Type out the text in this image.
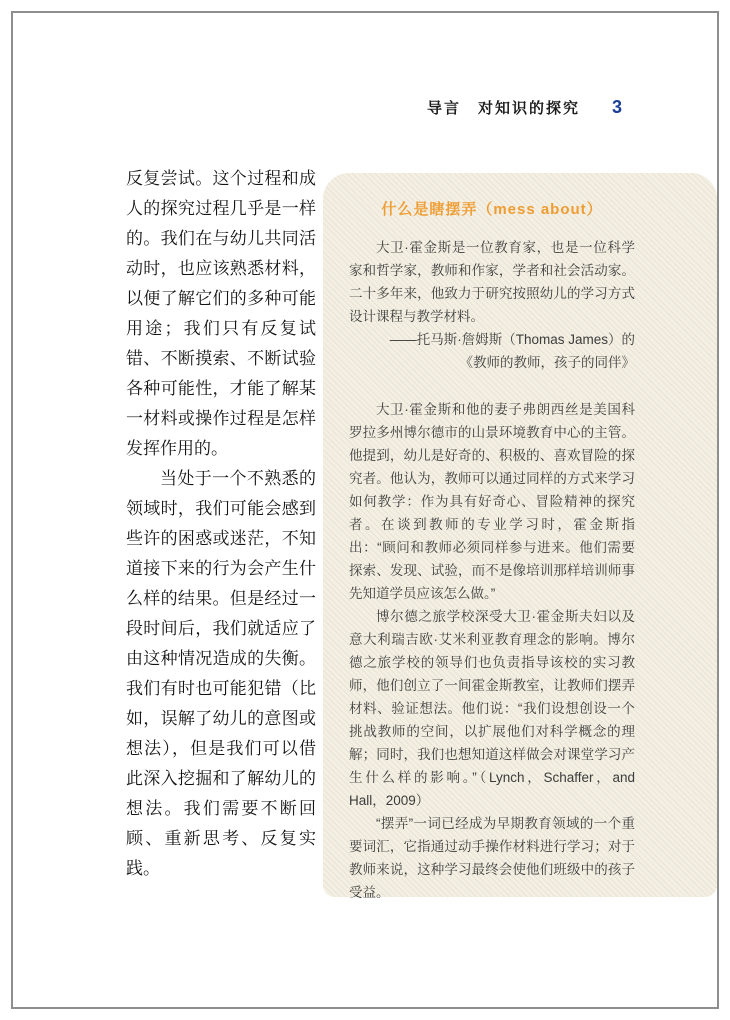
导言　对知识的探究 3

反复尝试。这个过程和成人的探究过程几乎是一样的。我们在与幼儿共同活动时，也应该熟悉材料，以便了解它们的多种可能用途；我们只有反复试错、不断摸索、不断试验各种可能性，才能了解某一材料或操作过程是怎样发挥作用的。

当处于一个不熟悉的领域时，我们可能会感到些许的困惑或迷茫，不知道接下来的行为会产生什么样的结果。但是经过一段时间后，我们就适应了由这种情况造成的失衡。我们有时也可能犯错（比如，误解了幼儿的意图或想法），但是我们可以借此深入挖掘和了解幼儿的想法。我们需要不断回顾、重新思考、反复实践。

什么是瞎摆弄（mess about）

大卫·霍金斯是一位教育家，也是一位科学家和哲学家，教师和作家，学者和社会活动家。二十多年来，他致力于研究按照幼儿的学习方式设计课程与教学材料。

——托马斯·詹姆斯（Thomas James）的

《教师的教师，孩子的同伴》

大卫·霍金斯和他的妻子弗朗西丝是美国科罗拉多州博尔德市的山景环境教育中心的主管。他提到，幼儿是好奇的、积极的、喜欢冒险的探究者。他认为，教师可以通过同样的方式来学习如何教学：作为具有好奇心、冒险精神的探究者。在谈到教师的专业学习时，霍金斯指出：“顾问和教师必须同样参与进来。他们需要探索、发现、试验，而不是像培训那样培训师事先知道学员应该怎么做。”

博尔德之旅学校深受大卫·霍金斯夫妇以及意大利瑞吉欧·艾米利亚教育理念的影响。博尔德之旅学校的领导们也负责指导该校的实习教师，他们创立了一间霍金斯教室，让教师们摆弄材料、验证想法。他们说：“我们设想创设一个挑战教师的空间，以扩展他们对科学概念的理解；同时，我们也想知道这样做会对课堂学习产生什么样的影响。”（Lynch，Schaffer，and Hall，2009）

“摆弄”一词已经成为早期教育领域的一个重要词汇，它指通过动手操作材料进行学习；对于教师来说，这种学习最终会使他们班级中的孩子受益。
